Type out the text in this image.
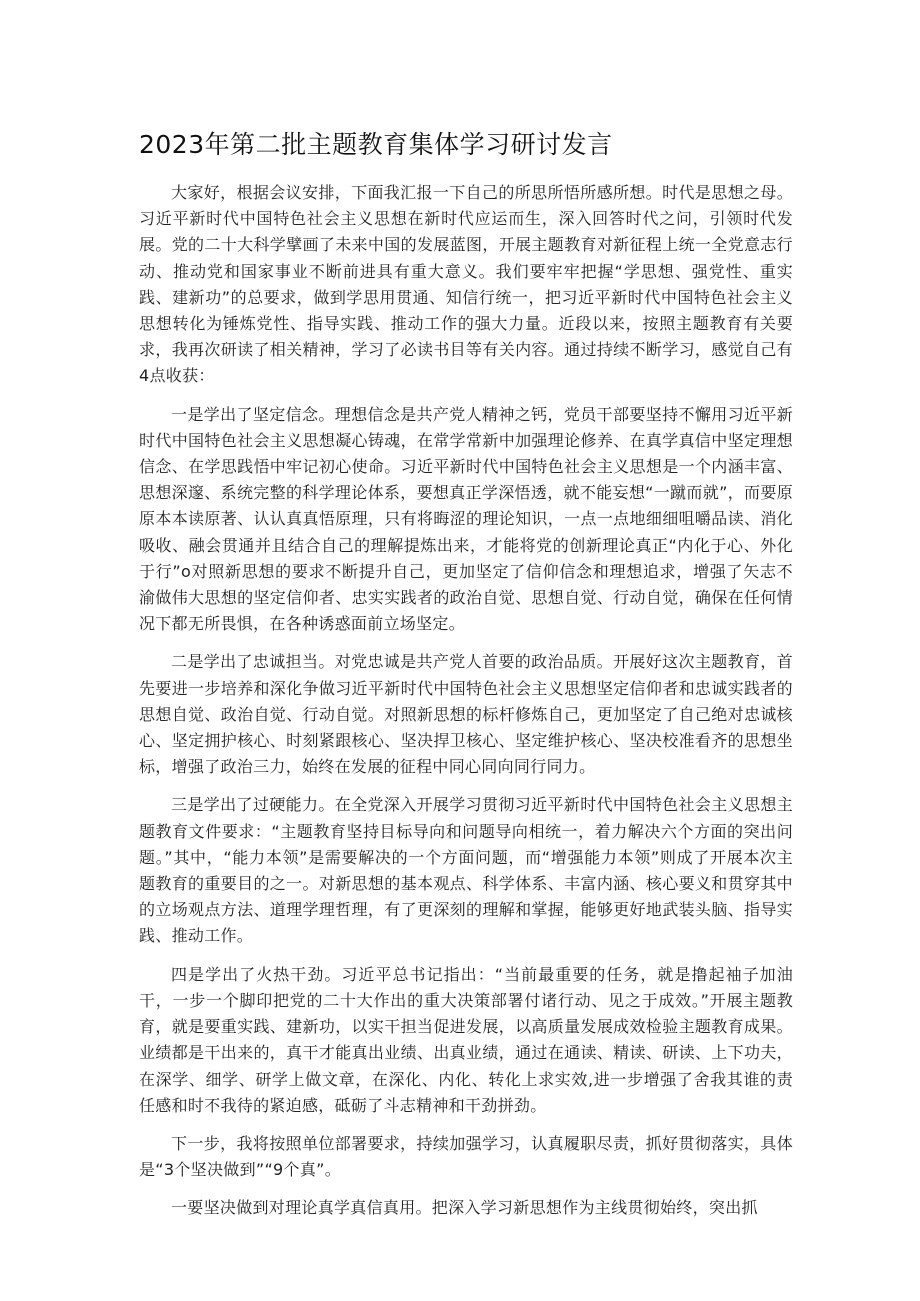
2023年第二批主题教育集体学习研讨发言

大家好，根据会议安排，下面我汇报一下自己的所思所悟所感所想。时代是思想之母。习近平新时代中国特色社会主义思想在新时代应运而生，深入回答时代之问，引领时代发展。党的二十大科学擘画了未来中国的发展蓝图，开展主题教育对新征程上统一全党意志行动、推动党和国家事业不断前进具有重大意义。我们要牢牢把握“学思想、强党性、重实践、建新功”的总要求，做到学思用贯通、知信行统一，把习近平新时代中国特色社会主义思想转化为锤炼党性、指导实践、推动工作的强大力量。近段以来，按照主题教育有关要求，我再次研读了相关精神，学习了必读书目等有关内容。通过持续不断学习，感觉自己有4点收获：

一是学出了坚定信念。理想信念是共产党人精神之钙，党员干部要坚持不懈用习近平新时代中国特色社会主义思想凝心铸魂，在常学常新中加强理论修养、在真学真信中坚定理想信念、在学思践悟中牢记初心使命。习近平新时代中国特色社会主义思想是一个内涵丰富、思想深邃、系统完整的科学理论体系，要想真正学深悟透，就不能妄想“一蹴而就”，而要原原本本读原著、认认真真悟原理，只有将晦涩的理论知识，一点一点地细细咀嚼品读、消化吸收、融会贯通并且结合自己的理解提炼出来，才能将党的创新理论真正“内化于心、外化于行”o对照新思想的要求不断提升自己，更加坚定了信仰信念和理想追求，增强了矢志不渝做伟大思想的坚定信仰者、忠实实践者的政治自觉、思想自觉、行动自觉，确保在任何情况下都无所畏惧，在各种诱惑面前立场坚定。

二是学出了忠诚担当。对党忠诚是共产党人首要的政治品质。开展好这次主题教育，首先要进一步培养和深化争做习近平新时代中国特色社会主义思想坚定信仰者和忠诚实践者的思想自觉、政治自觉、行动自觉。对照新思想的标杆修炼自己，更加坚定了自己绝对忠诚核心、坚定拥护核心、时刻紧跟核心、坚决捍卫核心、坚定维护核心、坚决校准看齐的思想坐标，增强了政治三力，始终在发展的征程中同心同向同行同力。

三是学出了过硬能力。在全党深入开展学习贯彻习近平新时代中国特色社会主义思想主题教育文件要求：“主题教育坚持目标导向和问题导向相统一，着力解决六个方面的突出问题。”其中，“能力本领”是需要解决的一个方面问题，而“增强能力本领”则成了开展本次主题教育的重要目的之一。对新思想的基本观点、科学体系、丰富内涵、核心要义和贯穿其中的立场观点方法、道理学理哲理，有了更深刻的理解和掌握，能够更好地武装头脑、指导实践、推动工作。

四是学出了火热干劲。习近平总书记指出：“当前最重要的任务，就是撸起袖子加油干，一步一个脚印把党的二十大作出的重大决策部署付诸行动、见之于成效。”开展主题教育，就是要重实践、建新功，以实干担当促进发展，以高质量发展成效检验主题教育成果。业绩都是干出来的，真干才能真出业绩、出真业绩，通过在通读、精读、研读、上下功夫，在深学、细学、研学上做文章，在深化、内化、转化上求实效,进一步增强了舍我其谁的责任感和时不我待的紧迫感，砥砺了斗志精神和干劲拼劲。

下一步，我将按照单位部署要求，持续加强学习，认真履职尽责，抓好贯彻落实，具体是“3个坚决做到”“9个真”。

一要坚决做到对理论真学真信真用。把深入学习新思想作为主线贯彻始终，突出抓
